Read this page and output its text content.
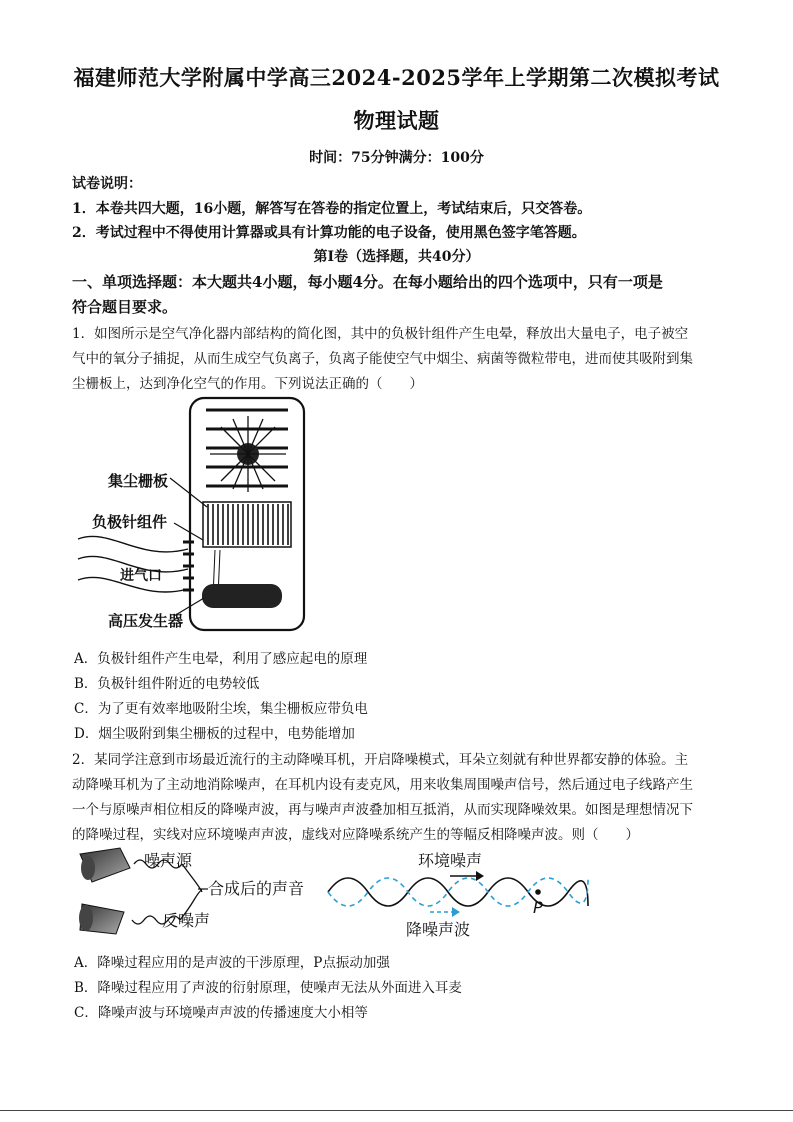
福建师范大学附属中学高三2024-2025学年上学期第二次模拟考试
物理试题
时间：75分钟满分：100分
试卷说明：
1．本卷共四大题，16小题，解答写在答卷的指定位置上，考试结束后，只交答卷。
2．考试过程中不得使用计算器或具有计算功能的电子设备，使用黑色签字笔答题。
第Ⅰ卷（选择题，共40分）
一、单项选择题：本大题共4小题，每小题4分。在每小题给出的四个选项中，只有一项是
符合题目要求。
1．如图所示是空气净化器内部结构的简化图，其中的负极针组件产生电晕，释放出大量电子，电子被空
气中的氧分子捕捉，从而生成空气负离子，负离子能使空气中烟尘、病菌等微粒带电，进而使其吸附到集
尘栅板上，达到净化空气的作用。下列说法正确的（　　）
集尘栅板
负极针组件
进气口
高压发生器
A．负极针组件产生电晕，利用了感应起电的原理
B．负极针组件附近的电势较低
C．为了更有效率地吸附尘埃，集尘栅板应带负电
D．烟尘吸附到集尘栅板的过程中，电势能增加
2．某同学注意到市场最近流行的主动降噪耳机，开启降噪模式，耳朵立刻就有种世界都安静的体验。主
动降噪耳机为了主动地消除噪声，在耳机内设有麦克风，用来收集周围噪声信号，然后通过电子线路产生
一个与原噪声相位相反的降噪声波，再与噪声声波叠加相互抵消，从而实现降噪效果。如图是理想情况下
的降噪过程，实线对应环境噪声声波，虚线对应降噪系统产生的等幅反相降噪声波。则（　　）
噪声源
合成后的声音
反噪声
P
环境噪声
降噪声波
A．降噪过程应用的是声波的干涉原理，P点振动加强
B．降噪过程应用了声波的衍射原理，使噪声无法从外面进入耳麦
C．降噪声波与环境噪声声波的传播速度大小相等
